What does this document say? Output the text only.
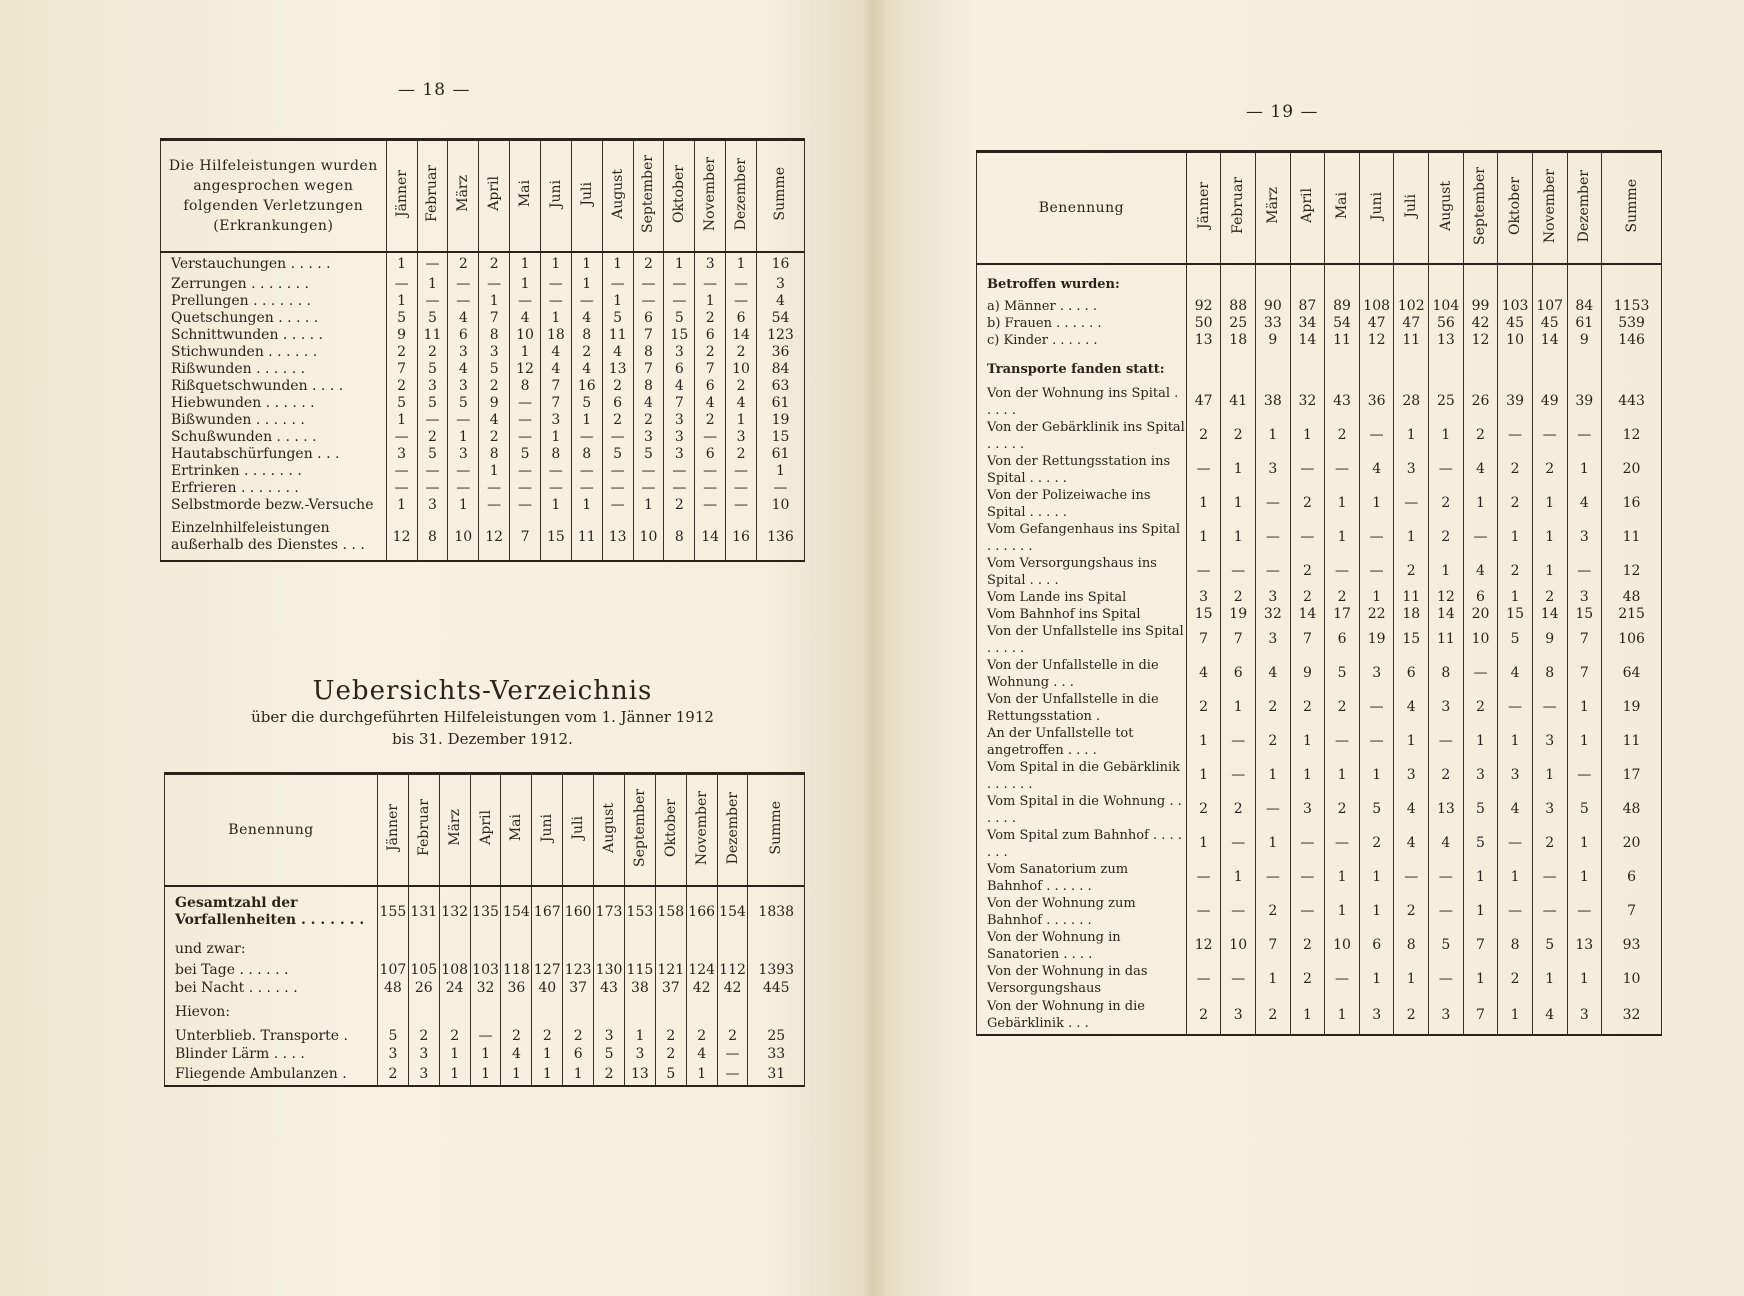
— 18 —
Die Hilfeleistungen wurden angesprochen wegen folgenden Verletzungen (Erkrankungen)	Jänner	Februar	März	April	Mai	Juni	Juli	August	September	Oktober	November	Dezember	Summe
Verstauchungen . . . . .	1	—	2	2	1	1	1	1	2	1	3	1	16
Zerrungen . . . . . . .	—	1	—	—	1	—	1	—	—	—	—	—	3
Prellungen . . . . . . .	1	—	—	1	—	—	—	1	—	—	1	—	4
Quetschungen . . . . .	5	5	4	7	4	1	4	5	6	5	2	6	54
Schnittwunden . . . . .	9	11	6	8	10	18	8	11	7	15	6	14	123
Stichwunden . . . . . .	2	2	3	3	1	4	2	4	8	3	2	2	36
Rißwunden . . . . . .	7	5	4	5	12	4	4	13	7	6	7	10	84
Rißquetschwunden . . . .	2	3	3	2	8	7	16	2	8	4	6	2	63
Hiebwunden . . . . . .	5	5	5	9	—	7	5	6	4	7	4	4	61
Bißwunden . . . . . .	1	—	—	4	—	3	1	2	2	3	2	1	19
Schußwunden . . . . .	—	2	1	2	—	1	—	—	3	3	—	3	15
Hautabschürfungen . . .	3	5	3	8	5	8	8	5	5	3	6	2	61
Ertrinken . . . . . . .	—	—	—	1	—	—	—	—	—	—	—	—	1
Erfrieren . . . . . . .	—	—	—	—	—	—	—	—	—	—	—	—	—
Selbstmorde bezw.-Versuche	1	3	1	—	—	1	1	—	1	2	—	—	10
Einzelnhilfeleistungen außerhalb des Dienstes . . .	12	8	10	12	7	15	11	13	10	8	14	16	136
Uebersichts-Verzeichnis
über die durchgeführten Hilfeleistungen vom 1. Jänner 1912
bis 31. Dezember 1912.
Benennung	Jänner	Februar	März	April	Mai	Juni	Juli	August	September	Oktober	November	Dezember	Summe
Gesamtzahl der Vorfallenheiten . . . . . . .	155	131	132	135	154	167	160	173	153	158	166	154	1838
und zwar:													
bei Tage . . . . . .	107	105	108	103	118	127	123	130	115	121	124	112	1393
bei Nacht . . . . . .	48	26	24	32	36	40	37	43	38	37	42	42	445
Hievon:													
Unterblieb. Transporte .	5	2	2	—	2	2	2	3	1	2	2	2	25
Blinder Lärm . . . .	3	3	1	1	4	1	6	5	3	2	4	—	33
Fliegende Ambulanzen .	2	3	1	1	1	1	1	2	13	5	1	—	31
— 19 —
Benennung	Jänner	Februar	März	April	Mai	Juni	Juli	August	September	Oktober	November	Dezember	Summe
Betroffen wurden:													
a) Männer . . . . .	92	88	90	87	89	108	102	104	99	103	107	84	1153
b) Frauen . . . . . .	50	25	33	34	54	47	47	56	42	45	45	61	539
c) Kinder . . . . . .	13	18	9	14	11	12	11	13	12	10	14	9	146
Transporte fanden statt:													
Von der Wohnung ins Spital . . . . .	47	41	38	32	43	36	28	25	26	39	49	39	443
Von der Gebärklinik ins Spital . . . . .	2	2	1	1	2	—	1	1	2	—	—	—	12
Von der Rettungsstation ins Spital . . . . .	—	1	3	—	—	4	3	—	4	2	2	1	20
Von der Polizeiwache ins Spital . . . . .	1	1	—	2	1	1	—	2	1	2	1	4	16
Vom Gefangenhaus ins Spital . . . . . .	1	1	—	—	1	—	1	2	—	1	1	3	11
Vom Versorgungshaus ins Spital . . . .	—	—	—	2	—	—	2	1	4	2	1	—	12
Vom Lande ins Spital	3	2	3	2	2	1	11	12	6	1	2	3	48
Vom Bahnhof ins Spital	15	19	32	14	17	22	18	14	20	15	14	15	215
Von der Unfallstelle ins Spital . . . . .	7	7	3	7	6	19	15	11	10	5	9	7	106
Von der Unfallstelle in die Wohnung . . .	4	6	4	9	5	3	6	8	—	4	8	7	64
Von der Unfallstelle in die Rettungsstation .	2	1	2	2	2	—	4	3	2	—	—	1	19
An der Unfallstelle tot angetroffen . . . .	1	—	2	1	—	—	1	—	1	1	3	1	11
Vom Spital in die Gebärklinik . . . . . .	1	—	1	1	1	1	3	2	3	3	1	—	17
Vom Spital in die Wohnung . . . . . .	2	2	—	3	2	5	4	13	5	4	3	5	48
Vom Spital zum Bahnhof . . . . . . .	1	—	1	—	—	2	4	4	5	—	2	1	20
Vom Sanatorium zum Bahnhof . . . . . .	—	1	—	—	1	1	—	—	1	1	—	1	6
Von der Wohnung zum Bahnhof . . . . . .	—	—	2	—	1	1	2	—	1	—	—	—	7
Von der Wohnung in Sanatorien . . . .	12	10	7	2	10	6	8	5	7	8	5	13	93
Von der Wohnung in das Versorgungshaus	—	—	1	2	—	1	1	—	1	2	1	1	10
Von der Wohnung in die Gebärklinik . . .	2	3	2	1	1	3	2	3	7	1	4	3	32
